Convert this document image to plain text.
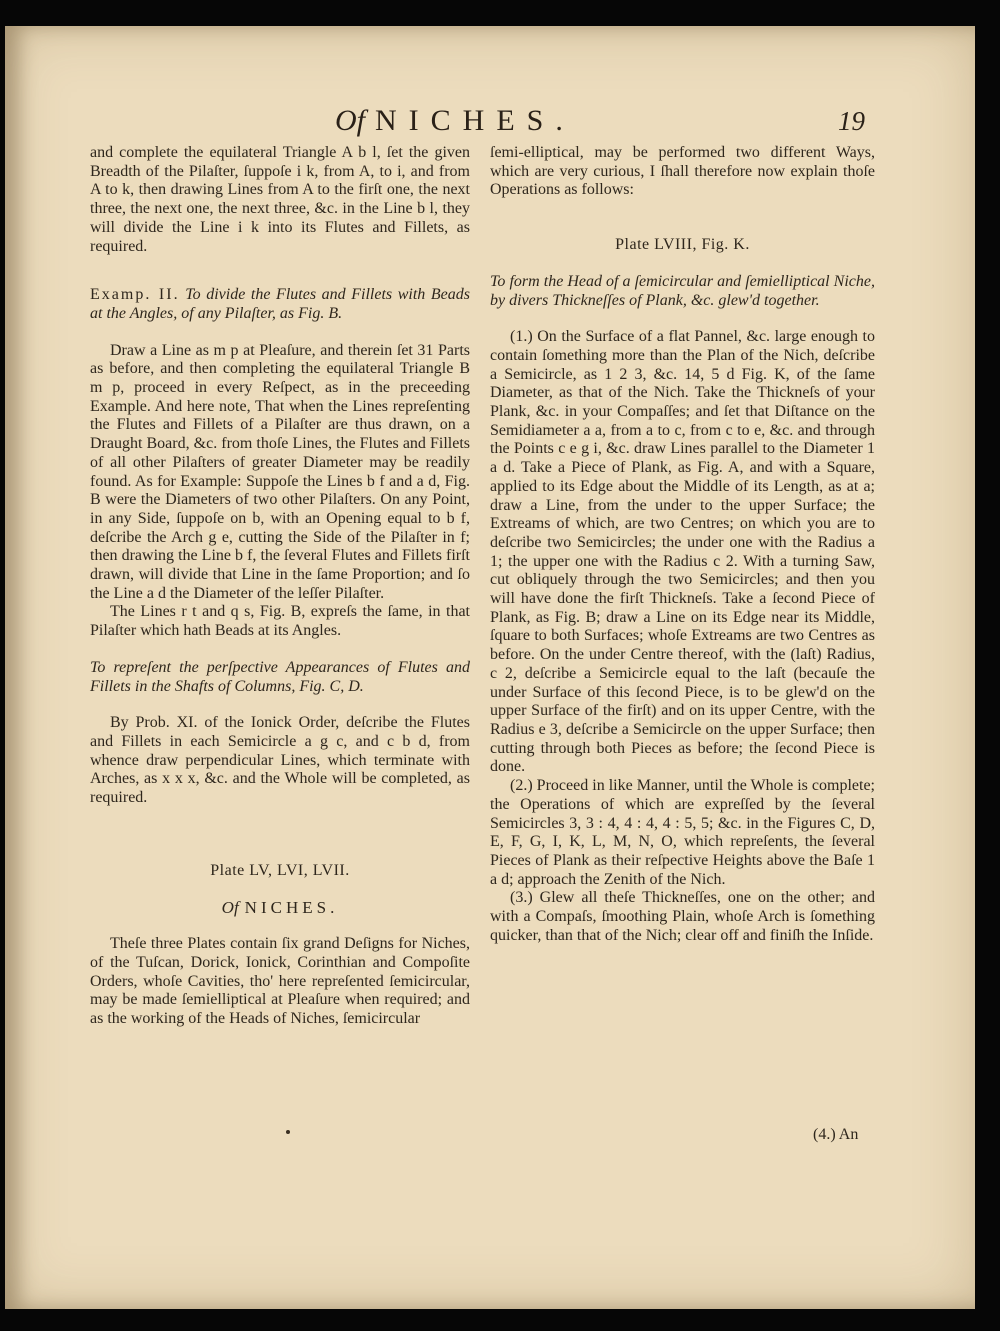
Of NICHES.	19

and complete the equilateral Triangle A b l, ſet the given Breadth of the Pilaſter, ſuppoſe i k, from A, to i, and from A to k, then drawing Lines from A to the firſt one, the next three, the next one, the next three, &c. in the Line b l, they will divide the Line i k into its Flutes and Fillets, as required.

Examp. II. To divide the Flutes and Fillets with Beads at the Angles, of any Pilaſter, as Fig. B.

Draw a Line as m p at Pleaſure, and therein ſet 31 Parts as before, and then completing the equilateral Triangle B m p, proceed in every Reſpect, as in the preceeding Example. And here note, That when the Lines repreſenting the Flutes and Fillets of a Pilaſter are thus drawn, on a Draught Board, &c. from thoſe Lines, the Flutes and Fillets of all other Pilaſters of greater Diameter may be readily found. As for Example: Suppoſe the Lines b f and a d, Fig. B were the Diameters of two other Pilaſters. On any Point, in any Side, ſuppoſe on b, with an Opening equal to b f, deſcribe the Arch g e, cutting the Side of the Pilaſter in f; then drawing the Line b f, the ſeveral Flutes and Fillets firſt drawn, will divide that Line in the ſame Proportion; and ſo the Line a d the Diameter of the leſſer Pilaſter.

The Lines r t and q s, Fig. B, expreſs the ſame, in that Pilaſter which hath Beads at its Angles.

To repreſent the perſpective Appearances of Flutes and Fillets in the Shafts of Columns, Fig. C, D.

By Prob. XI. of the Ionick Order, deſcribe the Flutes and Fillets in each Semicircle a g c, and c b d, from whence draw perpendicular Lines, which terminate with Arches, as x x x, &c. and the Whole will be completed, as required.

Plate LV, LVI, LVII.

Of NICHES.

Theſe three Plates contain ſix grand Deſigns for Niches, of the Tuſcan, Dorick, Ionick, Corinthian and Compoſite Orders, whoſe Cavities, tho' here repreſented ſemicircular, may be made ſemielliptical at Pleaſure when required; and as the working of the Heads of Niches, ſemicircular

ſemi-elliptical, may be performed two different Ways, which are very curious, I ſhall therefore now explain thoſe Operations as follows:

Plate LVIII, Fig. K.

To form the Head of a ſemicircular and ſemielliptical Niche, by divers Thickneſſes of Plank, &c. glew'd together.

(1.) On the Surface of a flat Pannel, &c. large enough to contain ſomething more than the Plan of the Nich, deſcribe a Semicircle, as 1 2 3, &c. 14, 5 d Fig. K, of the ſame Diameter, as that of the Nich. Take the Thickneſs of your Plank, &c. in your Compaſſes; and ſet that Diſtance on the Semidiameter a a, from a to c, from c to e, &c. and through the Points c e g i, &c. draw Lines parallel to the Diameter 1 a d. Take a Piece of Plank, as Fig. A, and with a Square, applied to its Edge about the Middle of its Length, as at a; draw a Line, from the under to the upper Surface; the Extreams of which, are two Centres; on which you are to deſcribe two Semicircles; the under one with the Radius a 1; the upper one with the Radius c 2. With a turning Saw, cut obliquely through the two Semicircles; and then you will have done the firſt Thickneſs. Take a ſecond Piece of Plank, as Fig. B; draw a Line on its Edge near its Middle, ſquare to both Surfaces; whoſe Extreams are two Centres as before. On the under Centre thereof, with the (laſt) Radius, c 2, deſcribe a Semicircle equal to the laſt (becauſe the under Surface of this ſecond Piece, is to be glew'd on the upper Surface of the firſt) and on its upper Centre, with the Radius e 3, deſcribe a Semicircle on the upper Surface; then cutting through both Pieces as before; the ſecond Piece is done.

(2.) Proceed in like Manner, until the Whole is complete; the Operations of which are expreſſed by the ſeveral Semicircles 3, 3 : 4, 4 : 4, 4 : 5, 5; &c. in the Figures C, D, E, F, G, I, K, L, M, N, O, which repreſents, the ſeveral Pieces of Plank as their reſpective Heights above the Baſe 1 a d; approach the Zenith of the Nich.

(3.) Glew all theſe Thickneſſes, one on the other; and with a Compaſs, ſmoothing Plain, whoſe Arch is ſomething quicker, than that of the Nich; clear off and finiſh the Inſide.

(4.) An
